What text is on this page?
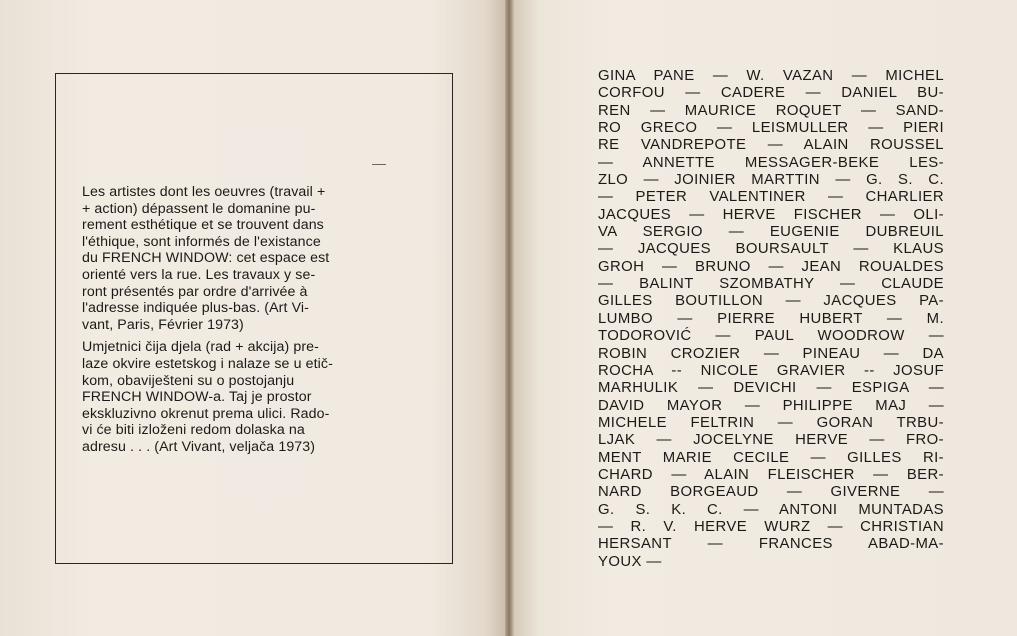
Les artistes dont les oeuvres (travail +
+ action) dépassent le domanine pu-
rement esthétique et se trouvent dans
l'éthique, sont informés de l'existance
du FRENCH WINDOW: cet espace est
orienté vers la rue. Les travaux y se-
ront présentés par ordre d'arrivée à
l'adresse indiquée plus-bas. (Art Vi-
vant, Paris, Février 1973)

Umjetnici čija djela (rad + akcija) pre-
laze okvire estetskog i nalaze se u etič-
kom, obaviješteni su o postojanju
FRENCH WINDOW-a. Taj je prostor
ekskluzivno okrenut prema ulici. Rado-
vi će biti izloženi redom dolaska na
adresu . . . (Art Vivant, veljača 1973)

GINA PANE — W. VAZAN — MICHEL
CORFOU — CADERE — DANIEL BU-
REN — MAURICE ROQUET — SAND-
RO GRECO — LEISMULLER — PIERI
RE VANDREPOTE — ALAIN ROUSSEL
— ANNETTE MESSAGER-BEKE LES-
ZLO — JOINIER MARTTIN — G. S. C.
— PETER VALENTINER — CHARLIER
JACQUES — HERVE FISCHER — OLI-
VA SERGIO — EUGENIE DUBREUIL
— JACQUES BOURSAULT — KLAUS
GROH — BRUNO — JEAN ROUALDES
— BALINT SZOMBATHY — CLAUDE
GILLES BOUTILLON — JACQUES PA-
LUMBO — PIERRE HUBERT — M.
TODOROVIĆ — PAUL WOODROW —
ROBIN CROZIER — PINEAU — DA
ROCHA -- NICOLE GRAVIER -- JOSUF
MARHULIK — DEVICHI — ESPIGA —
DAVID MAYOR — PHILIPPE MAJ —
MICHELE FELTRIN — GORAN TRBU-
LJAK — JOCELYNE HERVE — FRO-
MENT MARIE CECILE — GILLES RI-
CHARD — ALAIN FLEISCHER — BER-
NARD BORGEAUD — GIVERNE —
G. S. K. C. — ANTONI MUNTADAS
— R. V. HERVE WURZ — CHRISTIAN
HERSANT — FRANCES ABAD-MA-
YOUX —
